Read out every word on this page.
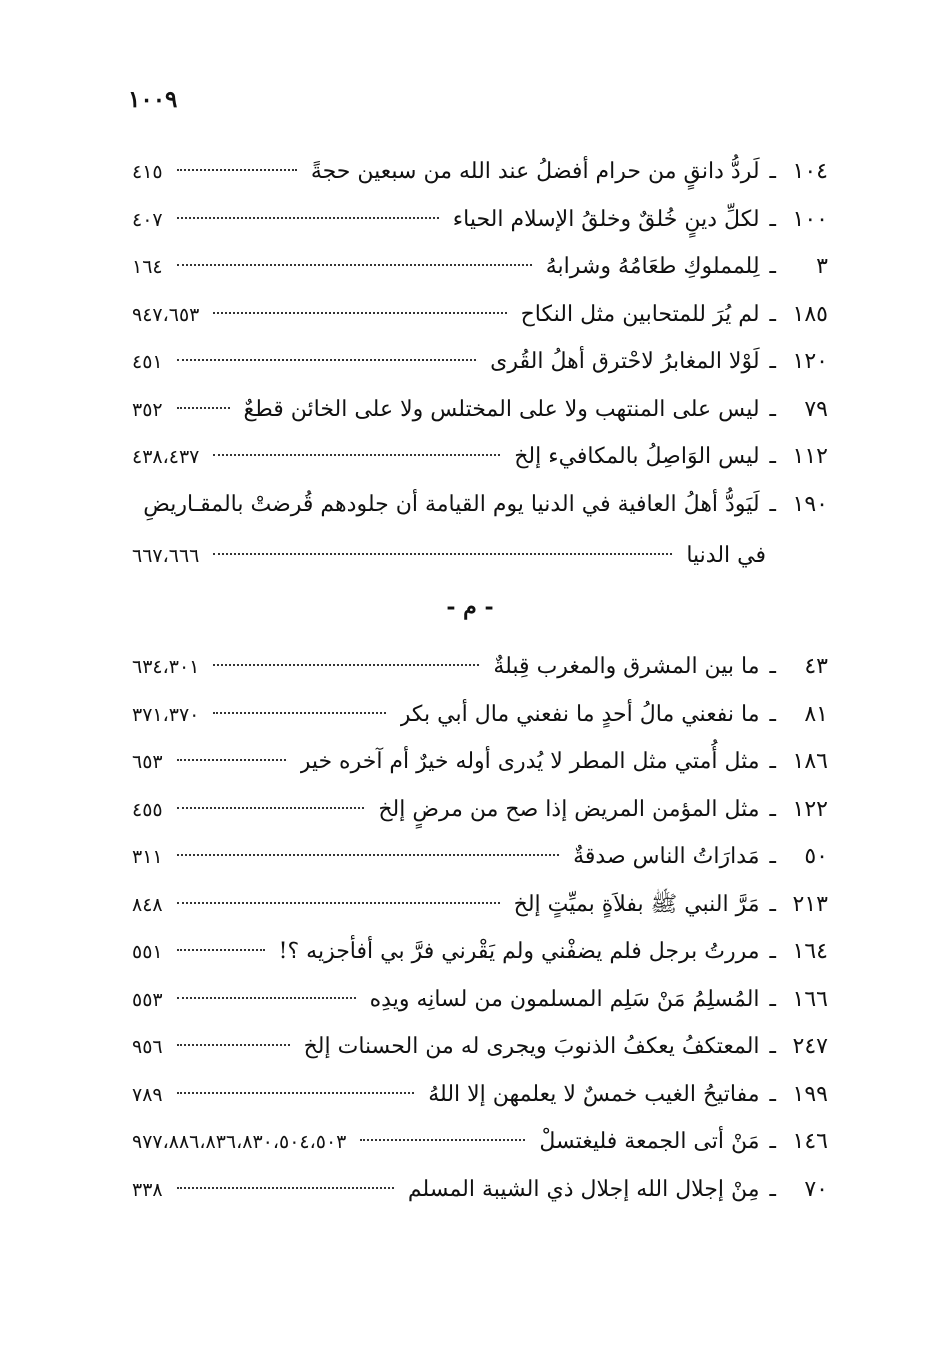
١٠٠٩
١٠٤
ـ
لَردُّ دانقٍ من حرام أفضلُ عند الله من سبعين حجةً
٤١٥
١٠٠
ـ
لكلِّ دينٍ خُلقٌ وخلقُ الإسلام الحياء
٤٠٧
٣
ـ
لِلمملوكِ طعَامُهُ وشرابهُ
١٦٤
١٨٥
ـ
لم يُرَ للمتحابين مثل النكاح
٩٤٧،٦٥٣
١٢٠
ـ
لَوْلا المغابرُ لاحْترق أهلُ القُرى
٤٥١
٧٩
ـ
ليس على المنتهب ولا على المختلس ولا على الخائن قطعٌ
٣٥٢
١١٢
ـ
ليس الوَاصِلُ بالمكافيء إلخ
٤٣٨،٤٣٧
١٩٠
ـ
لَيَودُّ أهلُ العافية في الدنيا يوم القيامة أن جلودهم قُرضتْ بالمقـاريضِ
في الدنيا
٦٦٧،٦٦٦
- م -
٤٣
ـ
ما بين المشرق والمغرب قِبلةٌ
٦٣٤،٣٠١
٨١
ـ
ما نفعني مالُ أحدٍ ما نفعني مال أبي بكر
٣٧١،٣٧٠
١٨٦
ـ
مثل أُمتي مثل المطر لا يُدرى أوله خيرٌ أم آخره خير
٦٥٣
١٢٢
ـ
مثل المؤمن المريض إذا صح من مرضٍ إلخ
٤٥٥
٥٠
ـ
مَدارَاتُ الناس صدقةٌ
٣١١
٢١٣
ـ
مَرَّ النبي ﷺ بفلاَةٍ بميِّتٍ إلخ
٨٤٨
١٦٤
ـ
مررتُ برجل فلم يضفْني ولم يَقْرني فرَّ بي أفأجزيه ؟!
٥٥١
١٦٦
ـ
المُسلِمُ مَنْ سَلِم المسلمون من لسانِه ويدِه
٥٥٣
٢٤٧
ـ
المعتكفُ يعكفُ الذنوبَ ويجرى له من الحسنات إلخ
٩٥٦
١٩٩
ـ
مفاتيحُ الغيب خمسٌ لا يعلمهن إلا اللهُ
٧٨٩
١٤٦
ـ
مَنْ أتى الجمعة فليغتسلْ
٩٧٧،٨٨٦،٨٣٦،٨٣٠،٥٠٤،٥٠٣
٧٠
ـ
مِنْ إجلال الله إجلال ذي الشيبة المسلم
٣٣٨
